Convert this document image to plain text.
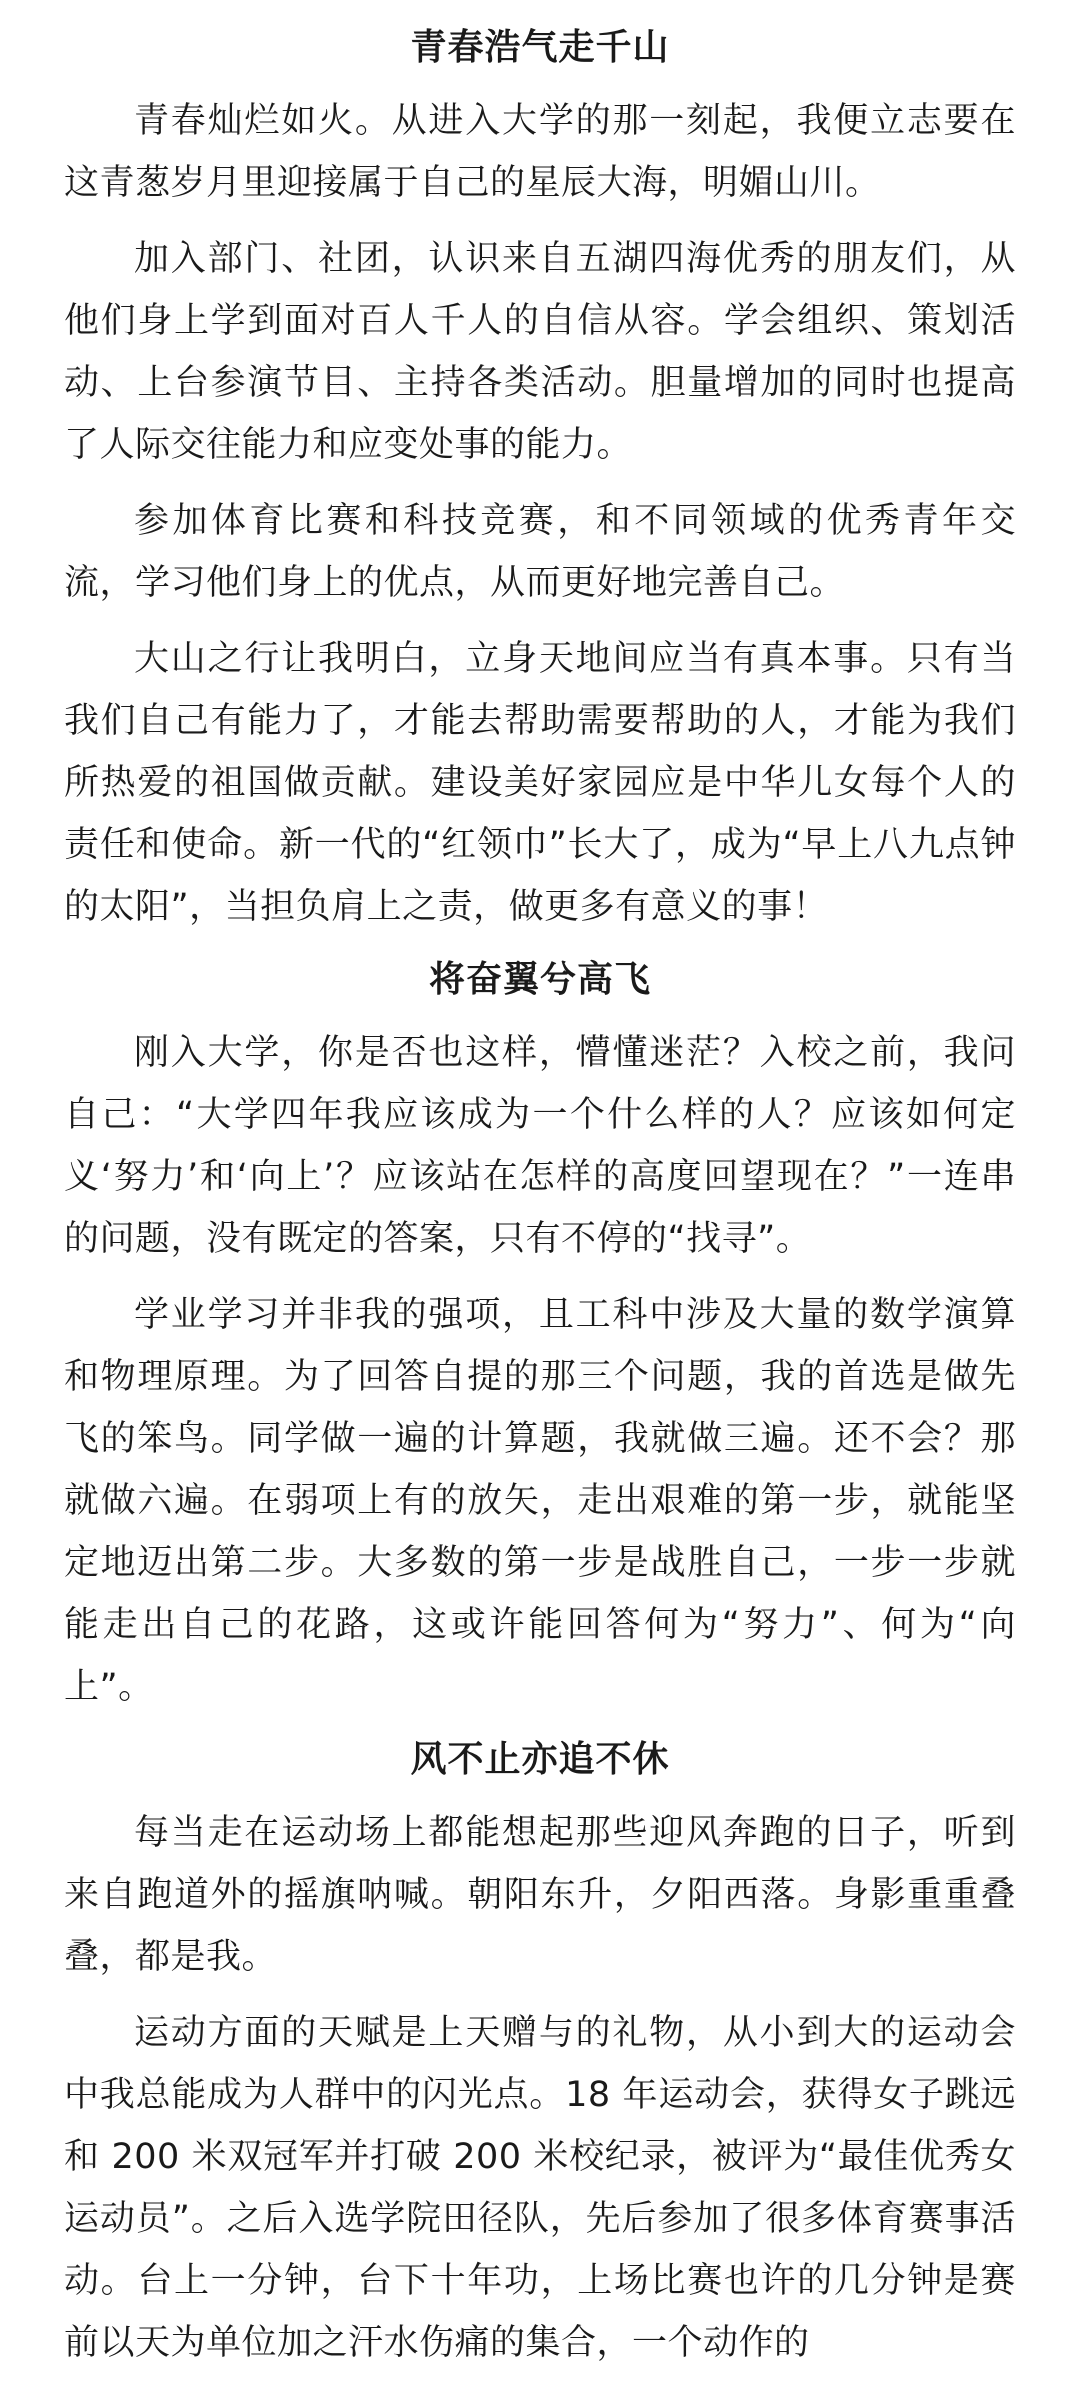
青春浩气走千山

青春灿烂如火。从进入大学的那一刻起，我便立志要在这青葱岁月里迎接属于自己的星辰大海，明媚山川。

加入部门、社团，认识来自五湖四海优秀的朋友们，从他们身上学到面对百人千人的自信从容。学会组织、策划活动、上台参演节目、主持各类活动。胆量增加的同时也提高了人际交往能力和应变处事的能力。

参加体育比赛和科技竞赛，和不同领域的优秀青年交流，学习他们身上的优点，从而更好地完善自己。

大山之行让我明白，立身天地间应当有真本事。只有当我们自己有能力了，才能去帮助需要帮助的人，才能为我们所热爱的祖国做贡献。建设美好家园应是中华儿女每个人的责任和使命。新一代的“红领巾”长大了，成为“早上八九点钟的太阳”，当担负肩上之责，做更多有意义的事！

将奋翼兮高飞

刚入大学，你是否也这样，懵懂迷茫？入校之前，我问自己：“大学四年我应该成为一个什么样的人？应该如何定义‘努力’和‘向上’？应该站在怎样的高度回望现在？”一连串的问题，没有既定的答案，只有不停的“找寻”。

学业学习并非我的强项，且工科中涉及大量的数学演算和物理原理。为了回答自提的那三个问题，我的首选是做先飞的笨鸟。同学做一遍的计算题，我就做三遍。还不会？那就做六遍。在弱项上有的放矢，走出艰难的第一步，就能坚定地迈出第二步。大多数的第一步是战胜自己，一步一步就能走出自己的花路，这或许能回答何为“努力”、何为“向上”。

风不止亦追不休

每当走在运动场上都能想起那些迎风奔跑的日子，听到来自跑道外的摇旗呐喊。朝阳东升，夕阳西落。身影重重叠叠，都是我。

运动方面的天赋是上天赠与的礼物，从小到大的运动会中我总能成为人群中的闪光点。18 年运动会，获得女子跳远和 200 米双冠军并打破 200 米校纪录，被评为“最佳优秀女运动员”。之后入选学院田径队，先后参加了很多体育赛事活动。台上一分钟，台下十年功，上场比赛也许的几分钟是赛前以天为单位加之汗水伤痛的集合，一个动作的
